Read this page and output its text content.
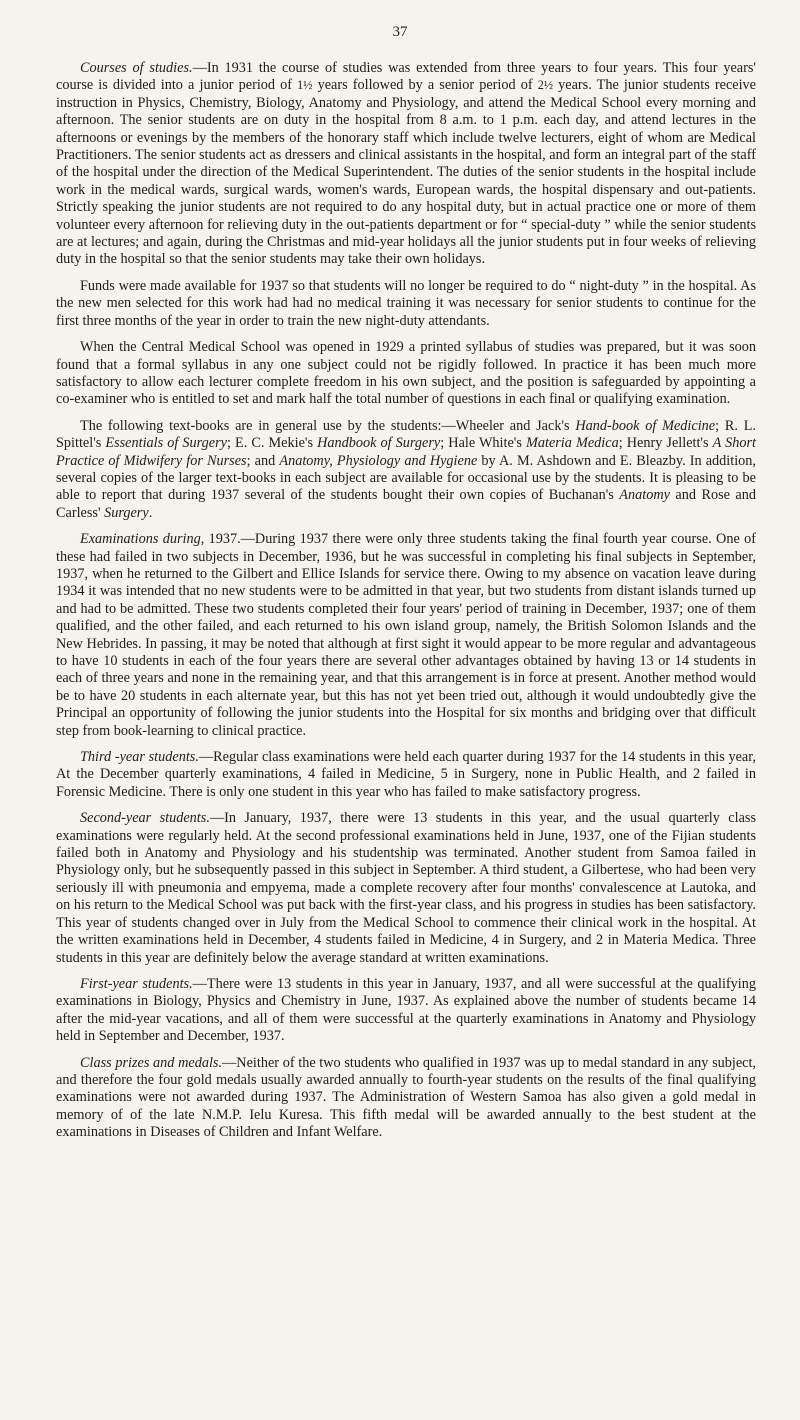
37

Courses of studies.—In 1931 the course of studies was extended from three years to four years. This four years' course is divided into a junior period of 1½ years followed by a senior period of 2½ years. The junior students receive instruction in Physics, Chemistry, Biology, Anatomy and Physiology, and attend the Medical School every morning and afternoon. The senior students are on duty in the hospital from 8 a.m. to 1 p.m. each day, and attend lectures in the afternoons or evenings by the members of the honorary staff which include twelve lecturers, eight of whom are Medical Practitioners. The senior students act as dressers and clinical assistants in the hospital, and form an integral part of the staff of the hospital under the direction of the Medical Superintendent. The duties of the senior students in the hospital include work in the medical wards, surgical wards, women's wards, European wards, the hospital dispensary and out-patients. Strictly speaking the junior students are not required to do any hospital duty, but in actual practice one or more of them volunteer every afternoon for relieving duty in the out-patients department or for “ special-duty ” while the senior students are at lectures; and again, during the Christmas and mid-year holidays all the junior students put in four weeks of relieving duty in the hospital so that the senior students may take their own holidays.

Funds were made available for 1937 so that students will no longer be required to do “ night-duty ” in the hospital. As the new men selected for this work had had no medical training it was necessary for senior students to continue for the first three months of the year in order to train the new night-duty attendants.

When the Central Medical School was opened in 1929 a printed syllabus of studies was prepared, but it was soon found that a formal syllabus in any one subject could not be rigidly followed. In practice it has been much more satisfactory to allow each lecturer complete freedom in his own subject, and the position is safeguarded by appointing a co-examiner who is entitled to set and mark half the total number of questions in each final or qualifying examination.

The following text-books are in general use by the students:—Wheeler and Jack's Hand-book of Medicine; R. L. Spittel's Essentials of Surgery; E. C. Mekie's Handbook of Surgery; Hale White's Materia Medica; Henry Jellett's A Short Practice of Midwifery for Nurses; and Anatomy, Physiology and Hygiene by A. M. Ashdown and E. Bleazby. In addition, several copies of the larger text-books in each subject are available for occasional use by the students. It is pleasing to be able to report that during 1937 several of the students bought their own copies of Buchanan's Anatomy and Rose and Carless' Surgery.

Examinations during, 1937.—During 1937 there were only three students taking the final fourth year course. One of these had failed in two subjects in December, 1936, but he was successful in completing his final subjects in September, 1937, when he returned to the Gilbert and Ellice Islands for service there. Owing to my absence on vacation leave during 1934 it was intended that no new students were to be admitted in that year, but two students from distant islands turned up and had to be admitted. These two students completed their four years' period of training in December, 1937; one of them qualified, and the other failed, and each returned to his own island group, namely, the British Solomon Islands and the New Hebrides. In passing, it may be noted that although at first sight it would appear to be more regular and advantageous to have 10 students in each of the four years there are several other advantages obtained by having 13 or 14 students in each of three years and none in the remaining year, and that this arrangement is in force at present. Another method would be to have 20 students in each alternate year, but this has not yet been tried out, although it would undoubtedly give the Principal an opportunity of following the junior students into the Hospital for six months and bridging over that difficult step from book-learning to clinical practice.

Third -year students.—Regular class examinations were held each quarter during 1937 for the 14 students in this year, At the December quarterly examinations, 4 failed in Medicine, 5 in Surgery, none in Public Health, and 2 failed in Forensic Medicine. There is only one student in this year who has failed to make satisfactory progress.

Second-year students.—In January, 1937, there were 13 students in this year, and the usual quarterly class examinations were regularly held. At the second professional examinations held in June, 1937, one of the Fijian students failed both in Anatomy and Physiology and his studentship was terminated. Another student from Samoa failed in Physiology only, but he subsequently passed in this subject in September. A third student, a Gilbertese, who had been very seriously ill with pneumonia and empyema, made a complete recovery after four months' convalescence at Lautoka, and on his return to the Medical School was put back with the first-year class, and his progress in studies has been satisfactory. This year of students changed over in July from the Medical School to commence their clinical work in the hospital. At the written examinations held in December, 4 students failed in Medicine, 4 in Surgery, and 2 in Materia Medica. Three students in this year are definitely below the average standard at written examinations.

First-year students.—There were 13 students in this year in January, 1937, and all were successful at the qualifying examinations in Biology, Physics and Chemistry in June, 1937. As explained above the number of students became 14 after the mid-year vacations, and all of them were successful at the quarterly examinations in Anatomy and Physiology held in September and December, 1937.

Class prizes and medals.—Neither of the two students who qualified in 1937 was up to medal standard in any subject, and therefore the four gold medals usually awarded annually to fourth-year students on the results of the final qualifying examinations were not awarded during 1937. The Administration of Western Samoa has also given a gold medal in memory of of the late N.M.P. Ielu Kuresa. This fifth medal will be awarded annually to the best student at the examinations in Diseases of Children and Infant Welfare.
